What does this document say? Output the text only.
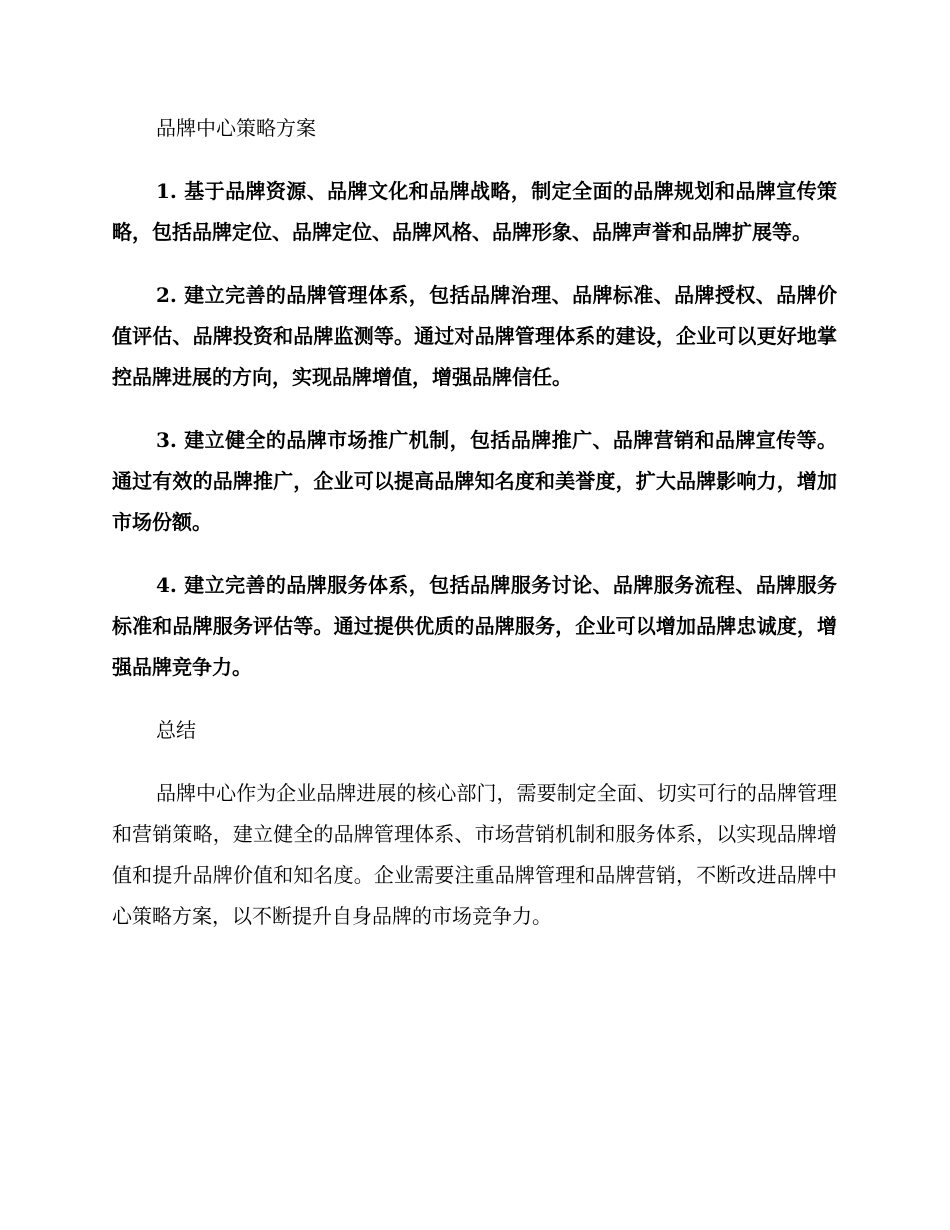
品牌中心策略方案

1. 基于品牌资源、品牌文化和品牌战略，制定全面的品牌规划和品牌宣传策略，包括品牌定位、品牌定位、品牌风格、品牌形象、品牌声誉和品牌扩展等。

2. 建立完善的品牌管理体系，包括品牌治理、品牌标准、品牌授权、品牌价值评估、品牌投资和品牌监测等。通过对品牌管理体系的建设，企业可以更好地掌控品牌进展的方向，实现品牌增值，增强品牌信任。

3. 建立健全的品牌市场推广机制，包括品牌推广、品牌营销和品牌宣传等。通过有效的品牌推广，企业可以提高品牌知名度和美誉度，扩大品牌影响力，增加市场份额。

4. 建立完善的品牌服务体系，包括品牌服务讨论、品牌服务流程、品牌服务标准和品牌服务评估等。通过提供优质的品牌服务，企业可以增加品牌忠诚度，增强品牌竞争力。

总结

品牌中心作为企业品牌进展的核心部门，需要制定全面、切实可行的品牌管理和营销策略，建立健全的品牌管理体系、市场营销机制和服务体系，以实现品牌增值和提升品牌价值和知名度。企业需要注重品牌管理和品牌营销，不断改进品牌中心策略方案，以不断提升自身品牌的市场竞争力。
